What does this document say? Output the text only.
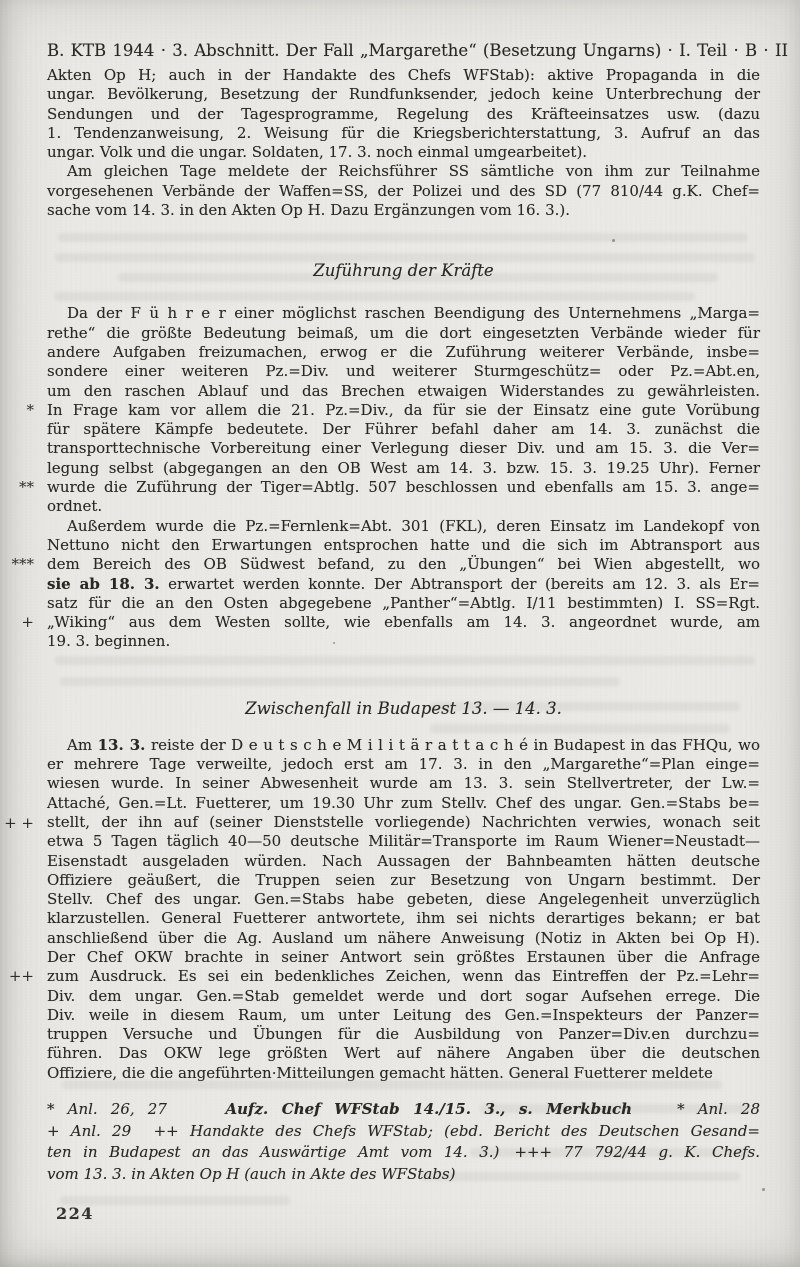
B. KTB 1944 · 3. Abschnitt. Der Fall „Margarethe“ (Besetzung Ungarns) · I. Teil · B · II
*
**
***
+
+ +
++
Akten Op H; auch in der Handakte des Chefs WFStab): aktive Propaganda in die
ungar. Bevölkerung, Besetzung der Rundfunksender, jedoch keine Unterbrechung der
Sendungen und der Tagesprogramme, Regelung des Kräfteeinsatzes usw. (dazu
1. Tendenzanweisung, 2. Weisung für die Kriegsberichterstattung, 3. Aufruf an das
ungar. Volk und die ungar. Soldaten, 17. 3. noch einmal umgearbeitet).
Am gleichen Tage meldete der Reichsführer SS sämtliche von ihm zur Teilnahme
vorgesehenen Verbände der Waffen=SS, der Polizei und des SD (77 810/44 g.K. Chef=
sache vom 14. 3. in den Akten Op H. Dazu Ergänzungen vom 16. 3.).
Zuführung der Kräfte
Da der F ü h r e r einer möglichst raschen Beendigung des Unternehmens „Marga=
rethe“ die größte Bedeutung beimaß, um die dort eingesetzten Verbände wieder für
andere Aufgaben freizumachen, erwog er die Zuführung weiterer Verbände, insbe=
sondere einer weiteren Pz.=Div. und weiterer Sturmgeschütz= oder Pz.=Abt.en,
um den raschen Ablauf und das Brechen etwaigen Widerstandes zu gewährleisten.
In Frage kam vor allem die 21. Pz.=Div., da für sie der Einsatz eine gute Vorübung
für spätere Kämpfe bedeutete. Der Führer befahl daher am 14. 3. zunächst die
transporttechnische Vorbereitung einer Verlegung dieser Div. und am 15. 3. die Ver=
legung selbst (abgegangen an den OB West am 14. 3. bzw. 15. 3. 19.25 Uhr). Ferner
wurde die Zuführung der Tiger=Abtlg. 507 beschlossen und ebenfalls am 15. 3. ange=
ordnet.
Außerdem wurde die Pz.=Fernlenk=Abt. 301 (FKL), deren Einsatz im Landekopf von
Nettuno nicht den Erwartungen entsprochen hatte und die sich im Abtransport aus
dem Bereich des OB Südwest befand, zu den „Übungen“ bei Wien abgestellt, wo
sie ab 18. 3. erwartet werden konnte. Der Abtransport der (bereits am 12. 3. als Er=
satz für die an den Osten abgegebene „Panther“=Abtlg. I/11 bestimmten) I. SS=Rgt.
„Wiking“ aus dem Westen sollte, wie ebenfalls am 14. 3. angeordnet wurde, am
19. 3. beginnen.
Zwischenfall in Budapest 13. — 14. 3.
Am 13. 3. reiste der D e u t s c h e M i l i t ä r a t t a c h é in Budapest in das FHQu, wo
er mehrere Tage verweilte, jedoch erst am 17. 3. in den „Margarethe“=Plan einge=
wiesen wurde. In seiner Abwesenheit wurde am 13. 3. sein Stellvertreter, der Lw.=
Attaché, Gen.=Lt. Fuetterer, um 19.30 Uhr zum Stellv. Chef des ungar. Gen.=Stabs be=
stellt, der ihn auf (seiner Dienststelle vorliegende) Nachrichten verwies, wonach seit
etwa 5 Tagen täglich 40—50 deutsche Militär=Transporte im Raum Wiener=Neustadt—
Eisenstadt ausgeladen würden. Nach Aussagen der Bahnbeamten hätten deutsche
Offiziere geäußert, die Truppen seien zur Besetzung von Ungarn bestimmt. Der
Stellv. Chef des ungar. Gen.=Stabs habe gebeten, diese Angelegenheit unverzüglich
klarzustellen. General Fuetterer antwortete, ihm sei nichts derartiges bekann; er bat
anschließend über die Ag. Ausland um nähere Anweisung (Notiz in Akten bei Op H).
Der Chef OKW brachte in seiner Antwort sein größtes Erstaunen über die Anfrage
zum Ausdruck. Es sei ein bedenkliches Zeichen, wenn das Eintreffen der Pz.=Lehr=
Div. dem ungar. Gen.=Stab gemeldet werde und dort sogar Aufsehen errege. Die
Div. weile in diesem Raum, um unter Leitung des Gen.=Inspekteurs der Panzer=
truppen Versuche und Übungen für die Ausbildung von Panzer=Div.en durchzu=
führen. Das OKW lege größten Wert auf nähere Angaben über die deutschen
Offiziere, die die angeführten·Mitteilungen gemacht hätten. General Fuetterer meldete
* Anl. 26, 27    Aufz. Chef WFStab 14./15. 3., s. Merkbuch   * Anl. 28
+ Anl. 29  ++ Handakte des Chefs WFStab; (ebd. Bericht des Deutschen Gesand=
ten in Budapest an das Auswärtige Amt vom 14. 3.)  +++ 77 792/44 g. K. Chefs.
vom 13. 3. in Akten Op H (auch in Akte des WFStabs)
224
